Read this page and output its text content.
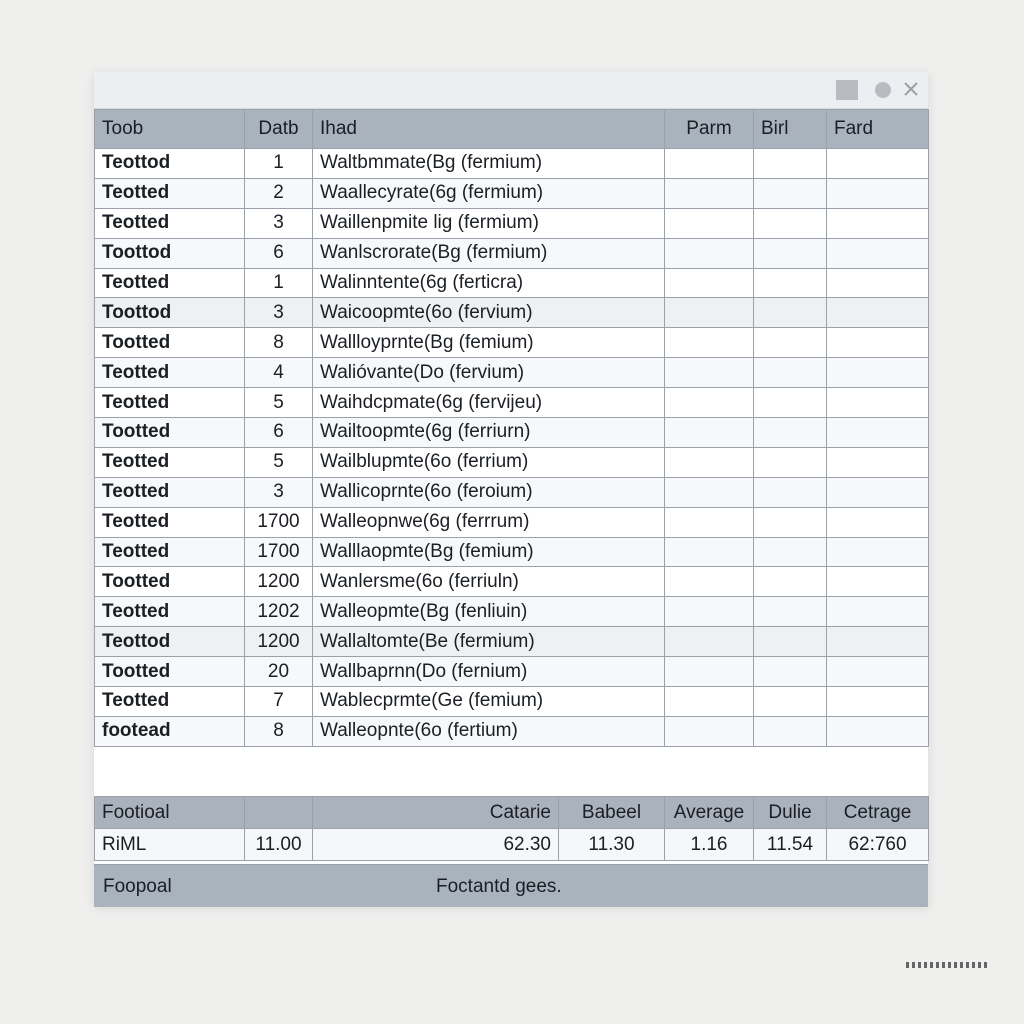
Toob	Datb	Ihad	Parm	Birl	Fard
Teottod	1	Waltbmmate(Bg (fermium)			
Teotted	2	Waallecyrate(6g (fermium)			
Teotted	3	Waillenpmite lig (fermium)			
Toottod	6	Wanlscrorate(Bg (fermium)			
Teotted	1	Walinntente(6g (ferticra)			
Toottod	3	Waicoopmte(6o (fervium)			
Tootted	8	Wallloyprnte(Bg (femium)			
Teotted	4	Walióvante(Do (fervium)			
Teotted	5	Waihdcpmate(6g (fervijeu)			
Tootted	6	Wailtoopmte(6g (ferriurn)			
Teotted	5	Wailblupmte(6o (ferrium)			
Teotted	3	Wallicoprnte(6o (feroium)			
Teotted	1700	Walleopnwe(6g (ferrrum)			
Teotted	1700	Walllaopmte(Bg (femium)			
Tootted	1200	Wanlersme(6o (ferriuln)			
Teotted	1202	Walleopmte(Bg (fenliuin)			
Teottod	1200	Wallaltomte(Be (fermium)			
Tootted	20	Wallbaprnn(Do (fernium)			
Teotted	7	Wablecprmte(Ge (femium)			
footead	8	Walleopnte(6o (fertium)			
Footioal		Catarie	Babeel	Average	Dulie	Cetrage
RiML	11.00	62.30	11.30	1.16	11.54	62:760
Foopoal	Foctantd gees.
